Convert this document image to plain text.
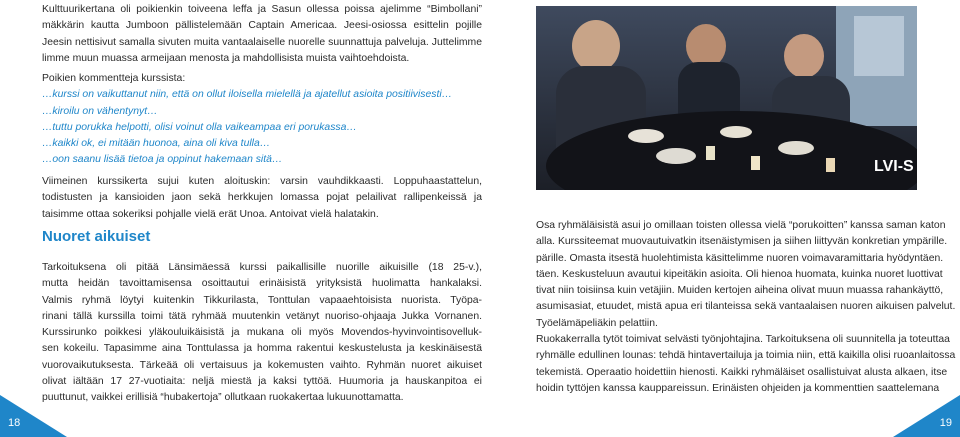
Kulttuurikertana oli poikienkin toiveena leffa ja Sasun ollessa poissa ajelimme “Bimbollani”
mäkkärin kautta Jumboon pällistelemään Captain Americaa. Jeesi-osiossa esittelin pojille
Jeesin nettisivut samalla sivuten muita vantaalaiselle nuorelle suunnattuja palveluja. Juttelimme
limme muun muassa armeijaan menosta ja mahdollisista muista vaihtoehdoista.
Poikien kommentteja kurssista:
…kurssi on vaikuttanut niin, että on ollut iloisella mielellä ja ajatellut asioita positiivisesti…
…kiroilu on vähentynyt…
…tuttu porukka helpotti, olisi voinut olla vaikeampaa eri porukassa…
…kaikki ok, ei mitään huonoa, aina oli kiva tulla…
…oon saanu lisää tietoa ja oppinut hakemaan sitä…
Viimeinen kurssikerta sujui kuten aloituskin: varsin vauhdikkaasti. Loppuhaastattelun,
todistusten ja kansioiden jaon sekä herkkujen lomassa pojat pelailivat rallipenkeissä ja
taisimme ottaa sokeriksi pohjalle vielä erät Unoa. Antoivat vielä halatakin.
Nuoret aikuiset
Tarkoituksena oli pitää Länsimäessä kurssi paikallisille nuorille aikuisille (18 25-v.),
mutta heidän tavoittamisensa osoittautui erinäisistä yrityksistä huolimatta hankalaksi.
Valmis ryhmä löytyi kuitenkin Tikkurilasta, Tonttulan vapaaehtoisista nuorista. Työpa-
rinani tällä kurssilla toimi tätä ryhmää muutenkin vetänyt nuoriso-ohjaaja Jukka Vornanen.
Kurssirunko poikkesi yläkouluikäisistä ja mukana oli myös Movendos-hyvinvointisovelluk-
sen kokeilu. Tapasimme aina Tonttulassa ja homma rakentui keskustelusta ja keskinäisestä
vuorovaikutuksesta. Tärkeää oli vertaisuus ja kokemusten vaihto. Ryhmän nuoret aikuiset
olivat iältään 17 27-vuotiaita: neljä miestä ja kaksi tyttöä. Huumoria ja hauskanpitoa ei
puuttunut, vaikkei erillisiä “hubakertoja” ollutkaan ruokakertaa lukuunottamatta.
LVI-S
Osa ryhmäläisistä asui jo omillaan toisten ollessa vielä “porukoitten” kanssa saman katon
alla. Kurssiteemat muovautuivatkin itsenäistymisen ja siihen liittyvän konkretian ympärille.
pärille. Omasta itsestä huolehtimista käsittelimme nuoren voimavaramittaria hyödyntäen.
täen. Keskusteluun avautui kipeitäkin asioita. Oli hienoa huomata, kuinka nuoret luottivat
tivat niin toisiinsa kuin vetäjiin. Muiden kertojen aiheina olivat muun muassa rahankäyttö,
asumisasiat, etuudet, mistä apua eri tilanteissa sekä vantaalaisen nuoren aikuisen palvelut.
Työelämäpeliäkin pelattiin.
Ruokakerralla tytöt toimivat selvästi työnjohtajina. Tarkoituksena oli suunnitella ja toteuttaa
ryhmälle edullinen lounas: tehdä hintavertailuja ja toimia niin, että kaikilla olisi ruoanlaitossa
tekemistä. Operaatio hoidettiin hienosti. Kaikki ryhmäläiset osallistuivat alusta alkaen, itse
hoidin tyttöjen kanssa kauppareissun. Erinäisten ohjeiden ja kommenttien saattelemana
18	19
